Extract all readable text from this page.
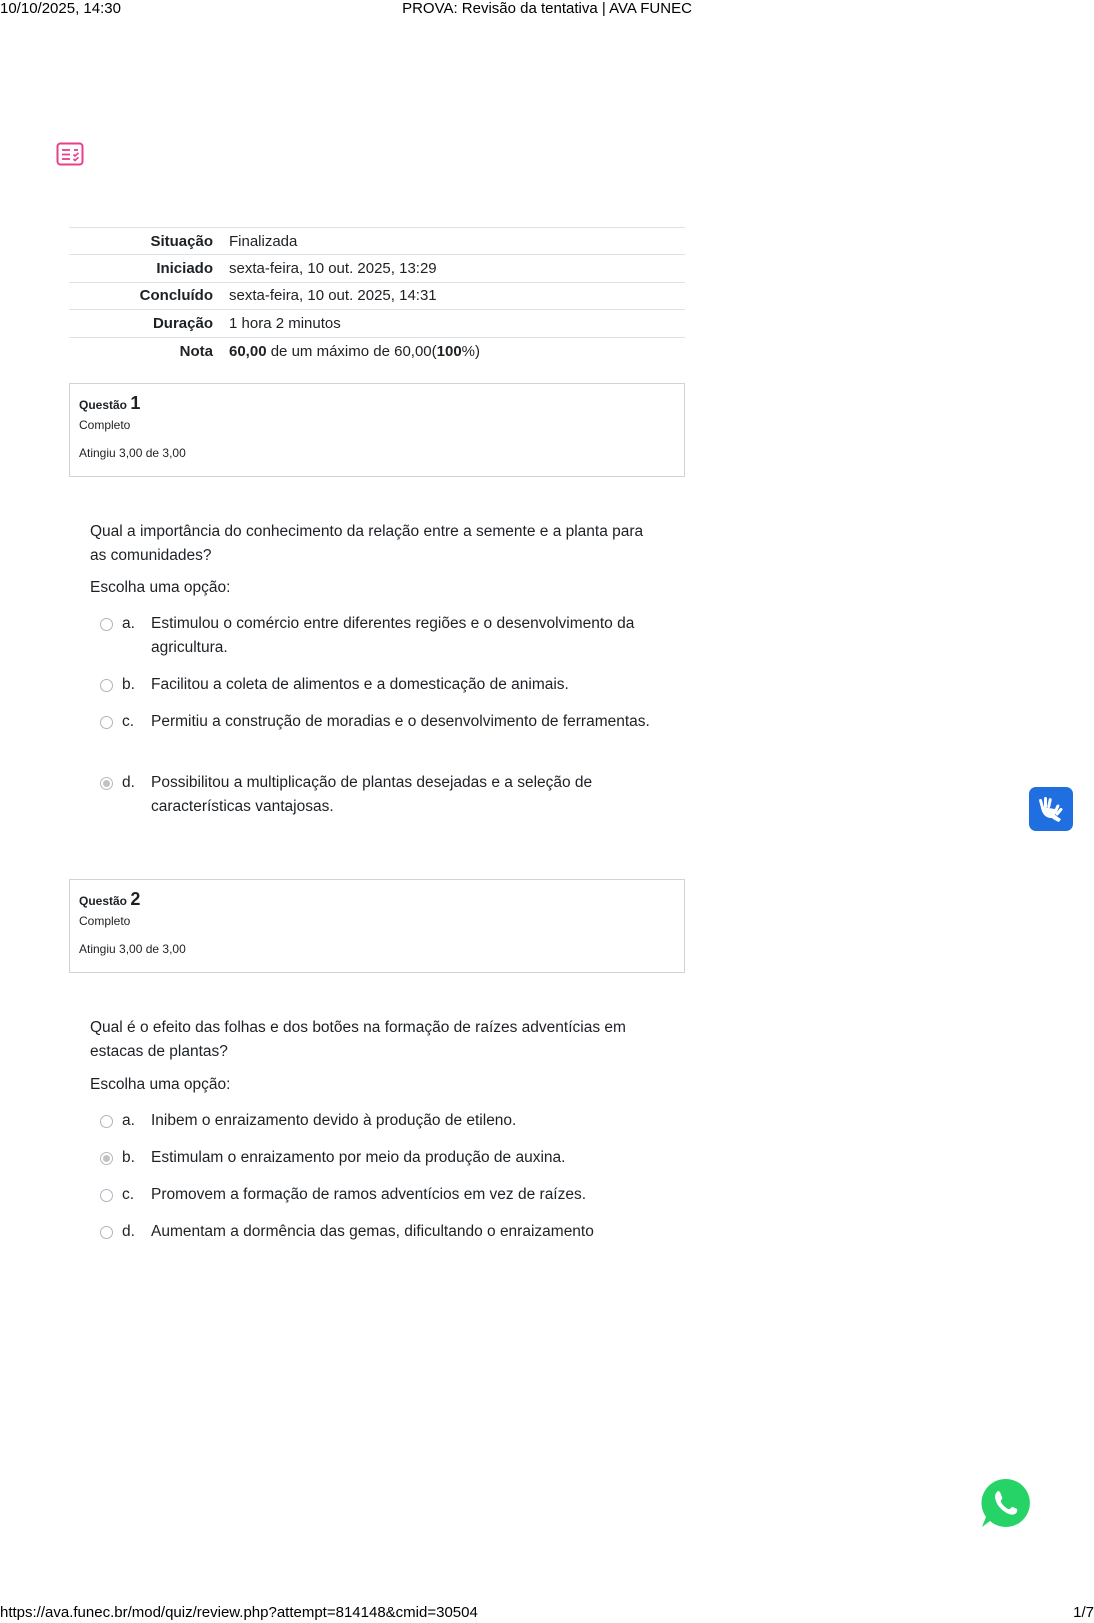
10/10/2025, 14:30	PROVA: Revisão da tentativa | AVA FUNEC
Situação	Finalizada
Iniciado	sexta-feira, 10 out. 2025, 13:29
Concluído	sexta-feira, 10 out. 2025, 14:31
Duração	1 hora 2 minutos
Nota	60,00 de um máximo de 60,00(100%)
Questão 1
Completo
Atingiu 3,00 de 3,00
Qual a importância do conhecimento da relação entre a semente e a planta para as comunidades?
Escolha uma opção:
a. Estimulou o comércio entre diferentes regiões e o desenvolvimento da agricultura.
b. Facilitou a coleta de alimentos e a domesticação de animais.
c. Permitiu a construção de moradias e o desenvolvimento de ferramentas.
d. Possibilitou a multiplicação de plantas desejadas e a seleção de características vantajosas.
Questão 2
Completo
Atingiu 3,00 de 3,00
Qual é o efeito das folhas e dos botões na formação de raízes adventícias em estacas de plantas?
Escolha uma opção:
a. Inibem o enraizamento devido à produção de etileno.
b. Estimulam o enraizamento por meio da produção de auxina.
c. Promovem a formação de ramos adventícios em vez de raízes.
d. Aumentam a dormência das gemas, dificultando o enraizamento
https://ava.funec.br/mod/quiz/review.php?attempt=814148&cmid=30504	1/7
